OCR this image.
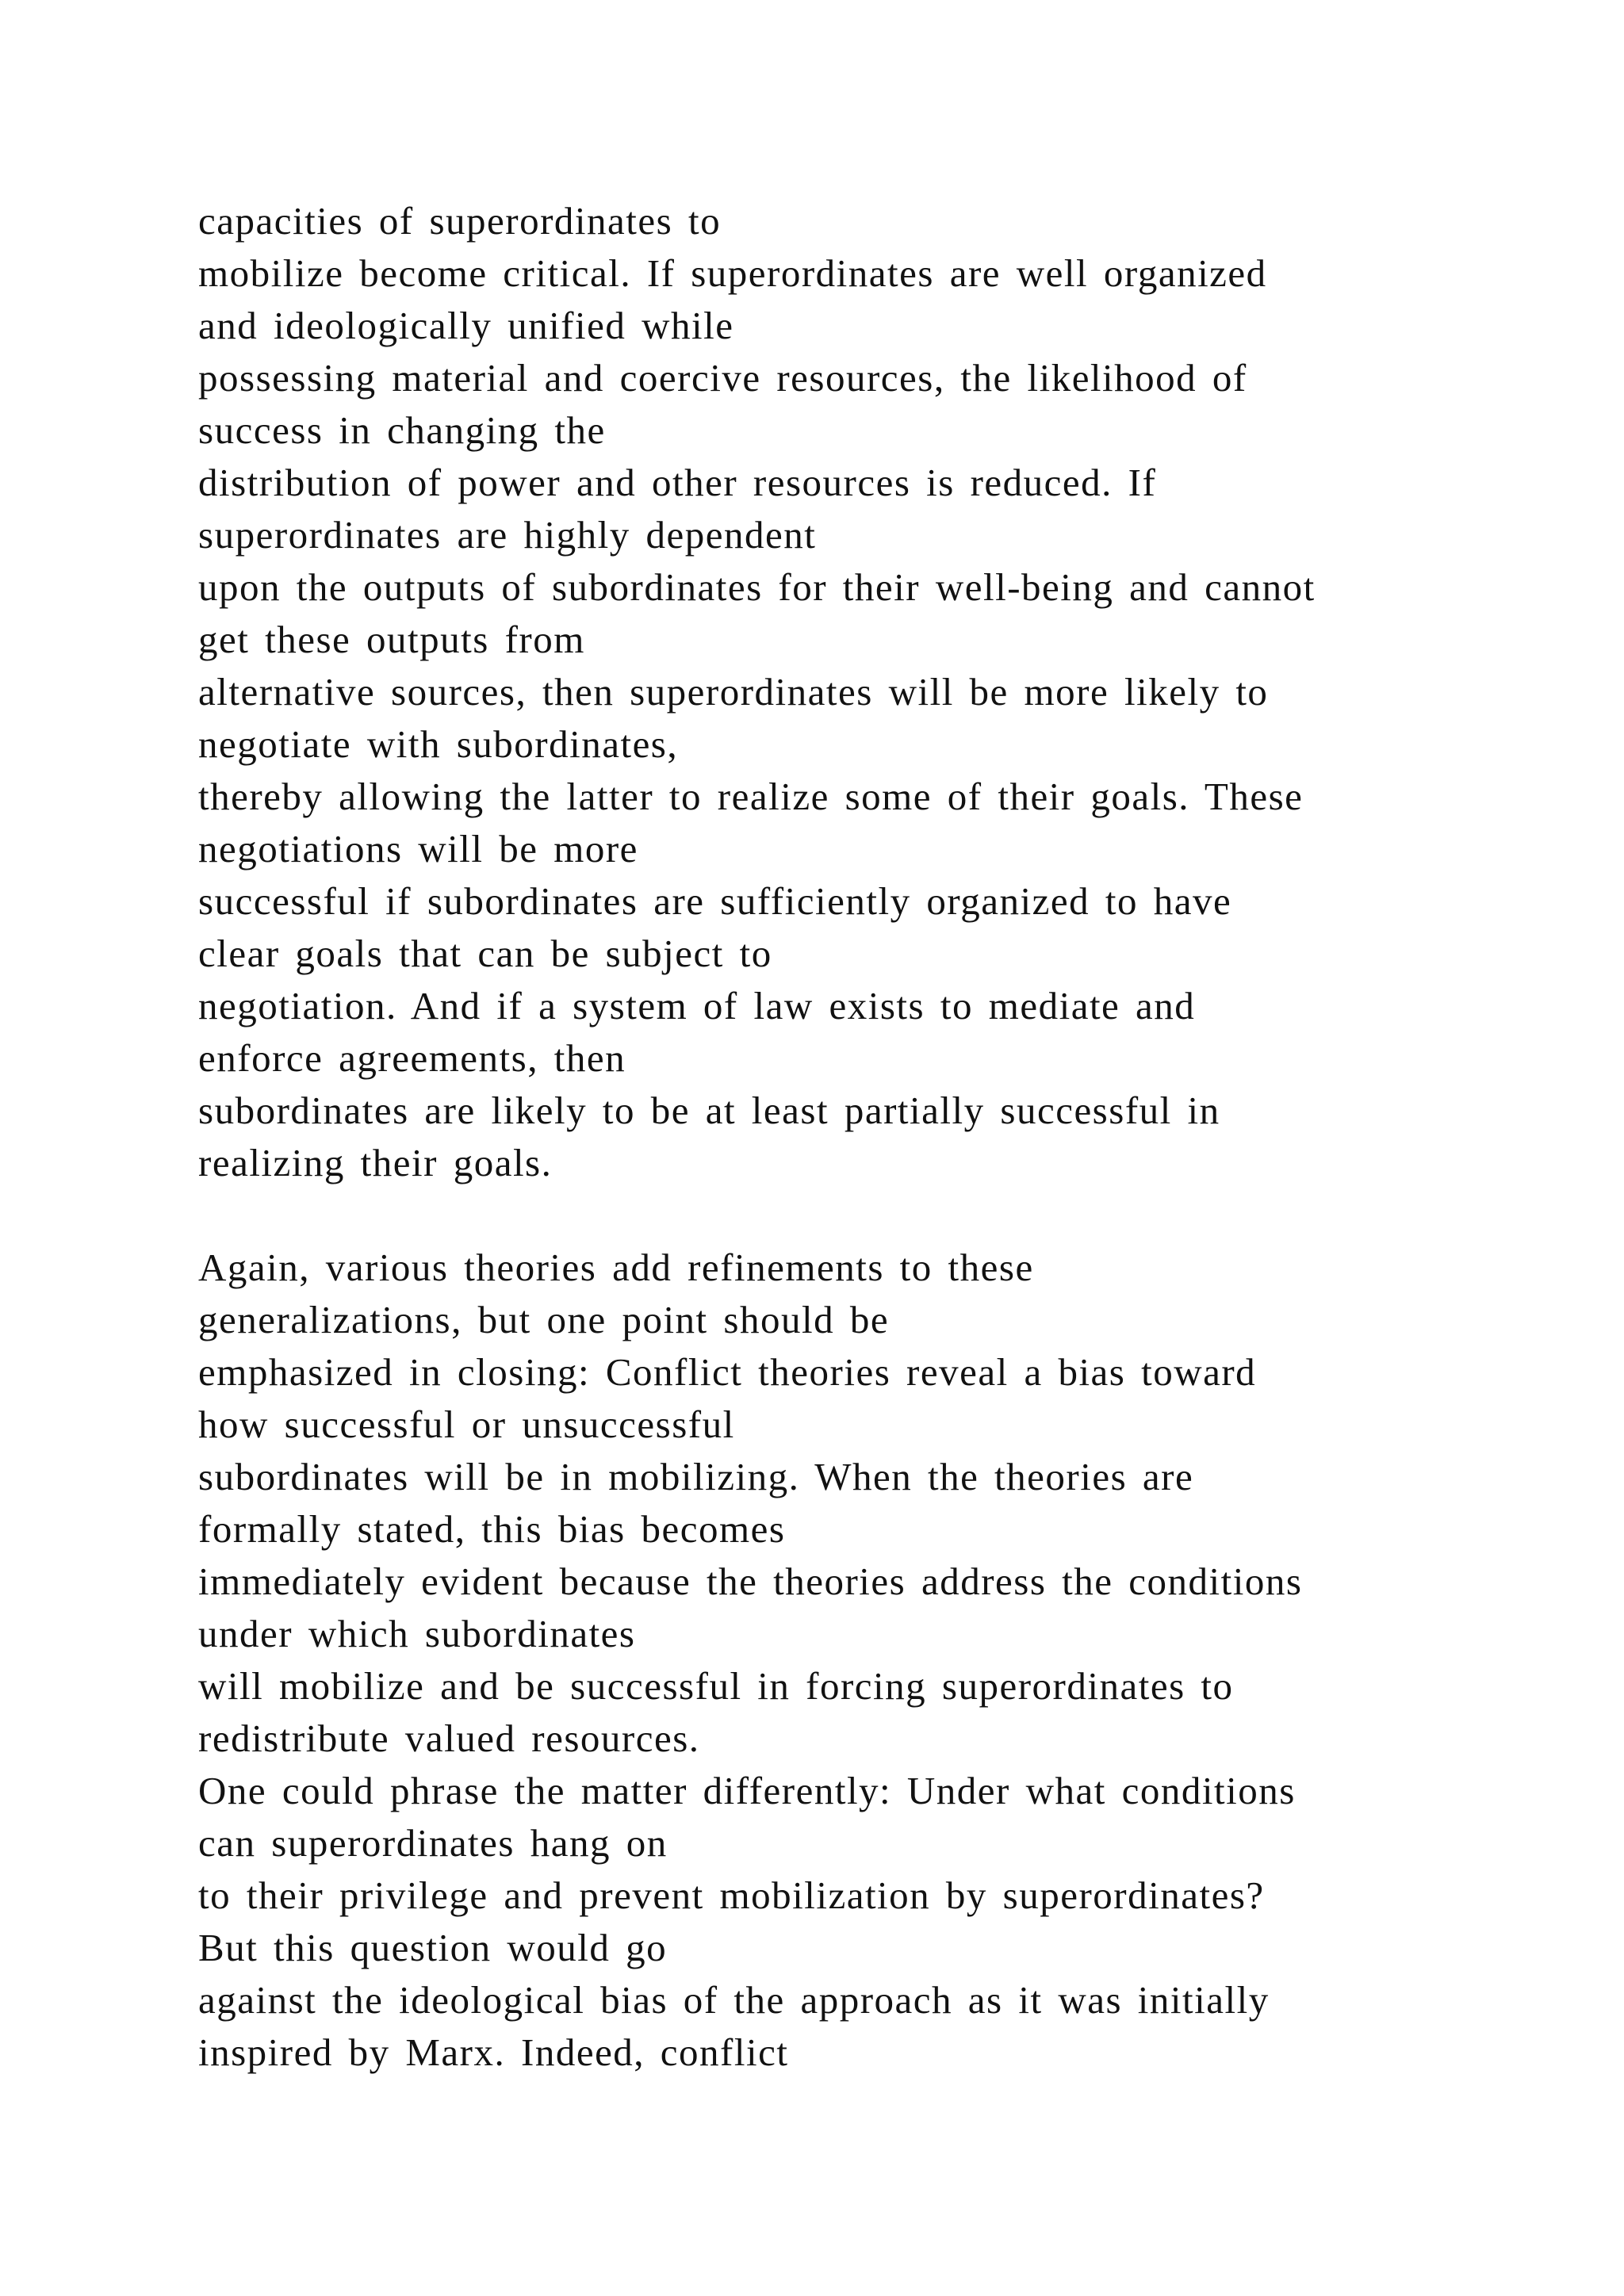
capacities of superordinates to
mobilize become critical. If superordinates are well organized
and ideologically unified while
possessing material and coercive resources, the likelihood of
success in changing the
distribution of power and other resources is reduced. If
superordinates are highly dependent
upon the outputs of subordinates for their well-being and cannot
get these outputs from
alternative sources, then superordinates will be more likely to
negotiate with subordinates,
thereby allowing the latter to realize some of their goals. These
negotiations will be more
successful if subordinates are sufficiently organized to have
clear goals that can be subject to
negotiation. And if a system of law exists to mediate and
enforce agreements, then
subordinates are likely to be at least partially successful in
realizing their goals.
Again, various theories add refinements to these
generalizations, but one point should be
emphasized in closing: Conflict theories reveal a bias toward
how successful or unsuccessful
subordinates will be in mobilizing. When the theories are
formally stated, this bias becomes
immediately evident because the theories address the conditions
under which subordinates
will mobilize and be successful in forcing superordinates to
redistribute valued resources.
One could phrase the matter differently: Under what conditions
can superordinates hang on
to their privilege and prevent mobilization by superordinates?
But this question would go
against the ideological bias of the approach as it was initially
inspired by Marx. Indeed, conflict
